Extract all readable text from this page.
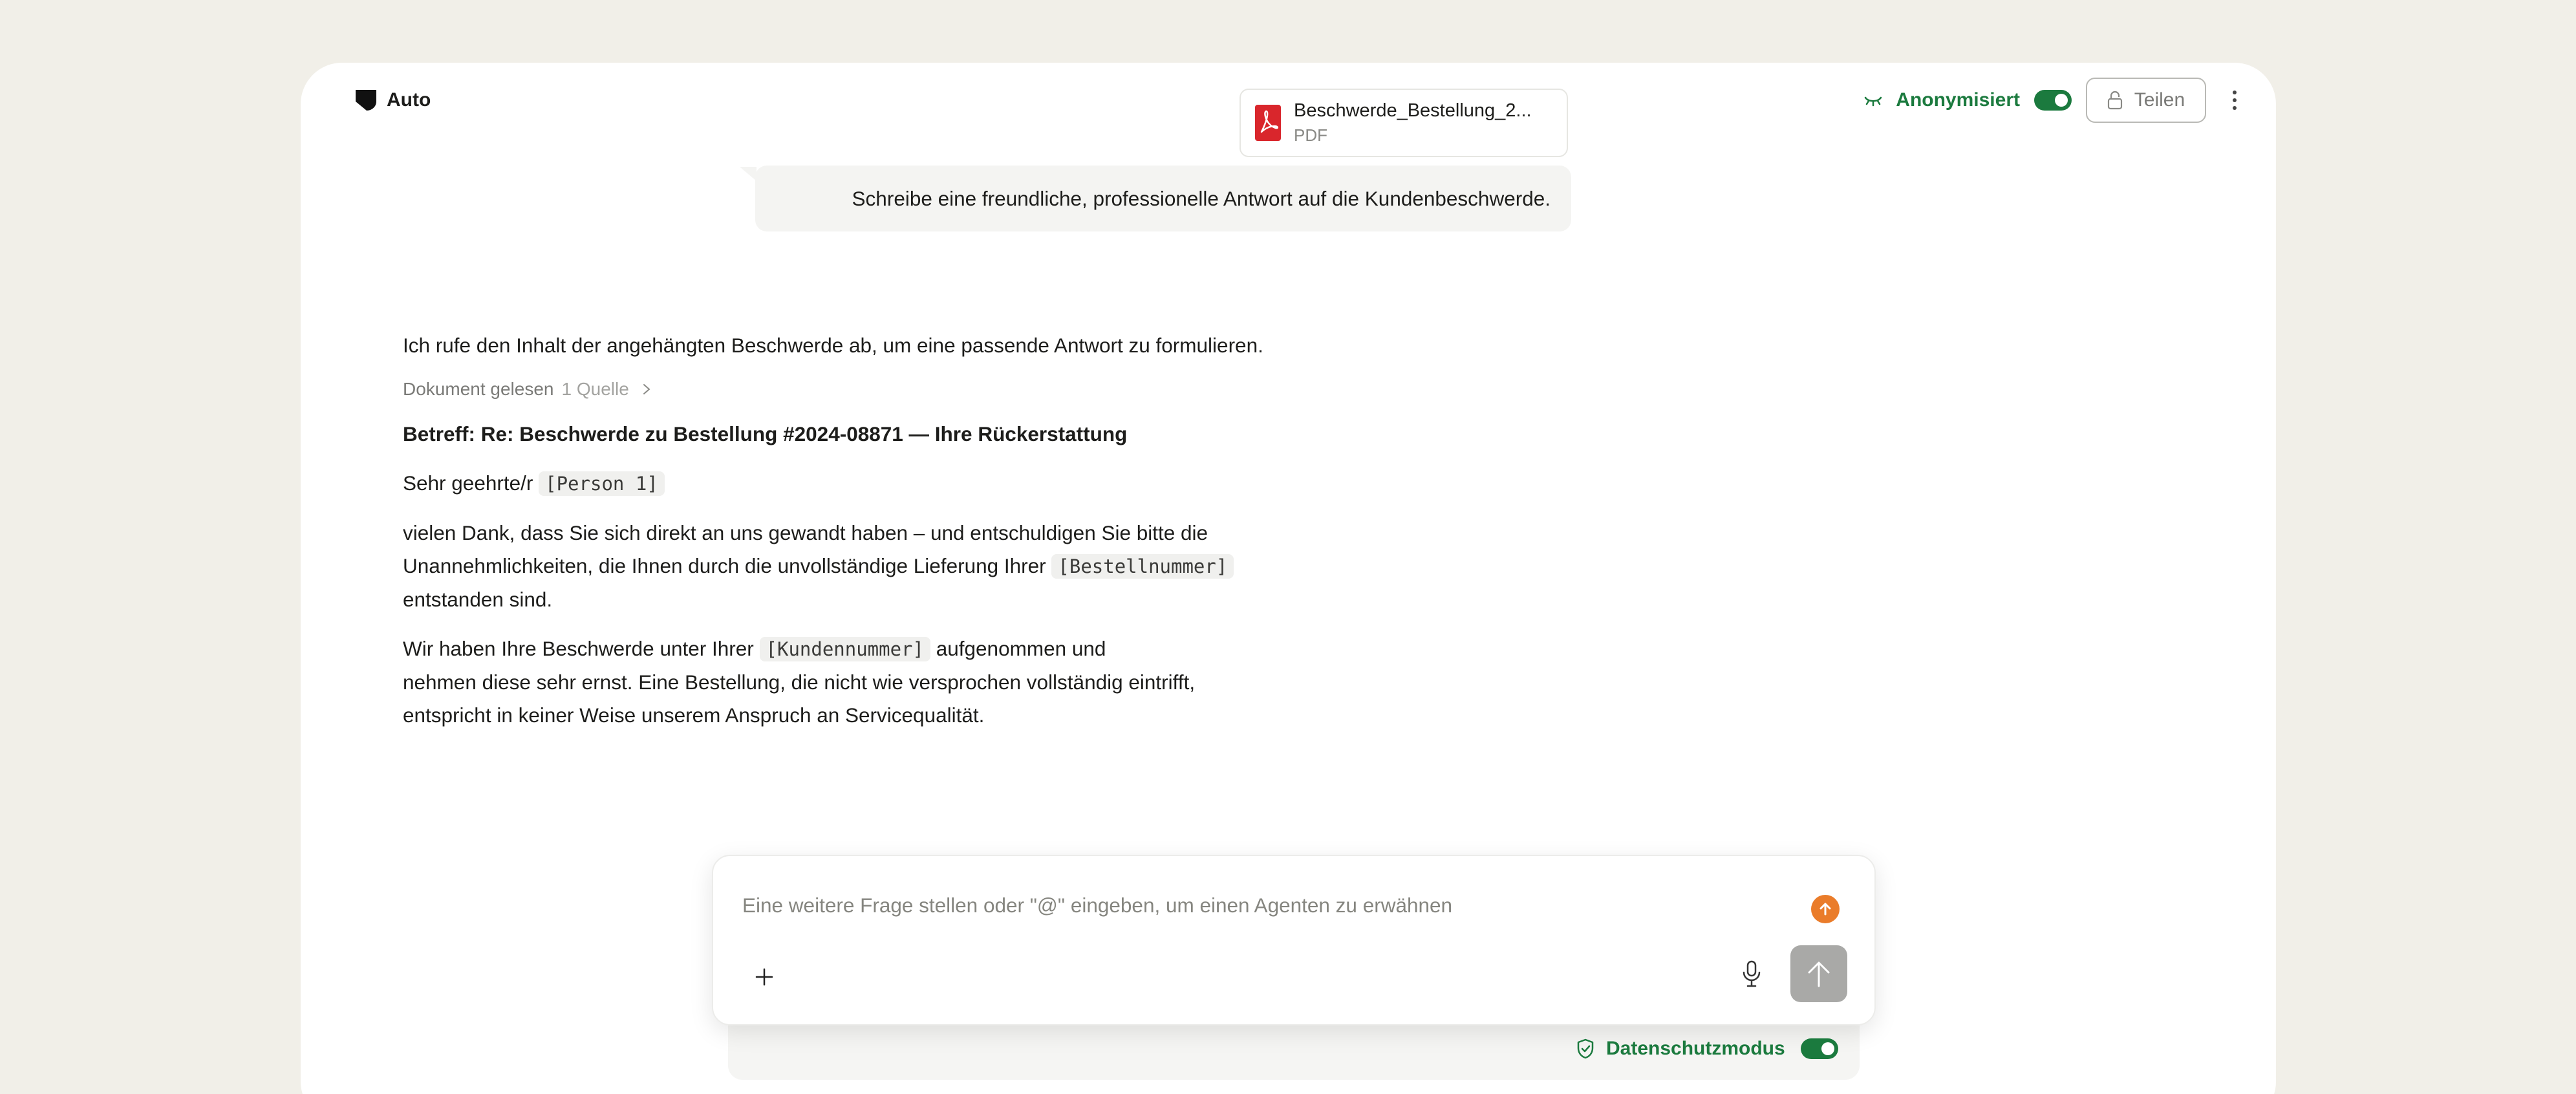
Auto	Anonymisiert	Teilen
Beschwerde_Bestellung_2...
PDF
Schreibe eine freundliche, professionelle Antwort auf die Kundenbeschwerde.
Ich rufe den Inhalt der angehängten Beschwerde ab, um eine passende Antwort zu formulieren.
Dokument gelesen 1 Quelle
Betreff: Re: Beschwerde zu Bestellung #2024-08871 — Ihre Rückerstattung

Sehr geehrte/r [Person 1]

vielen Dank, dass Sie sich direkt an uns gewandt haben – und entschuldigen Sie bitte die Unannehmlichkeiten, die Ihnen durch die unvollständige Lieferung Ihrer [Bestellnummer]
entstanden sind.

Wir haben Ihre Beschwerde unter Ihrer [Kundennummer] aufgenommen und
nehmen diese sehr ernst. Eine Bestellung, die nicht wie versprochen vollständig eintrifft,
entspricht in keiner Weise unserem Anspruch an Servicequalität.

Eine weitere Frage stellen oder "@" eingeben, um einen Agenten zu erwähnen
Datenschutzmodus
